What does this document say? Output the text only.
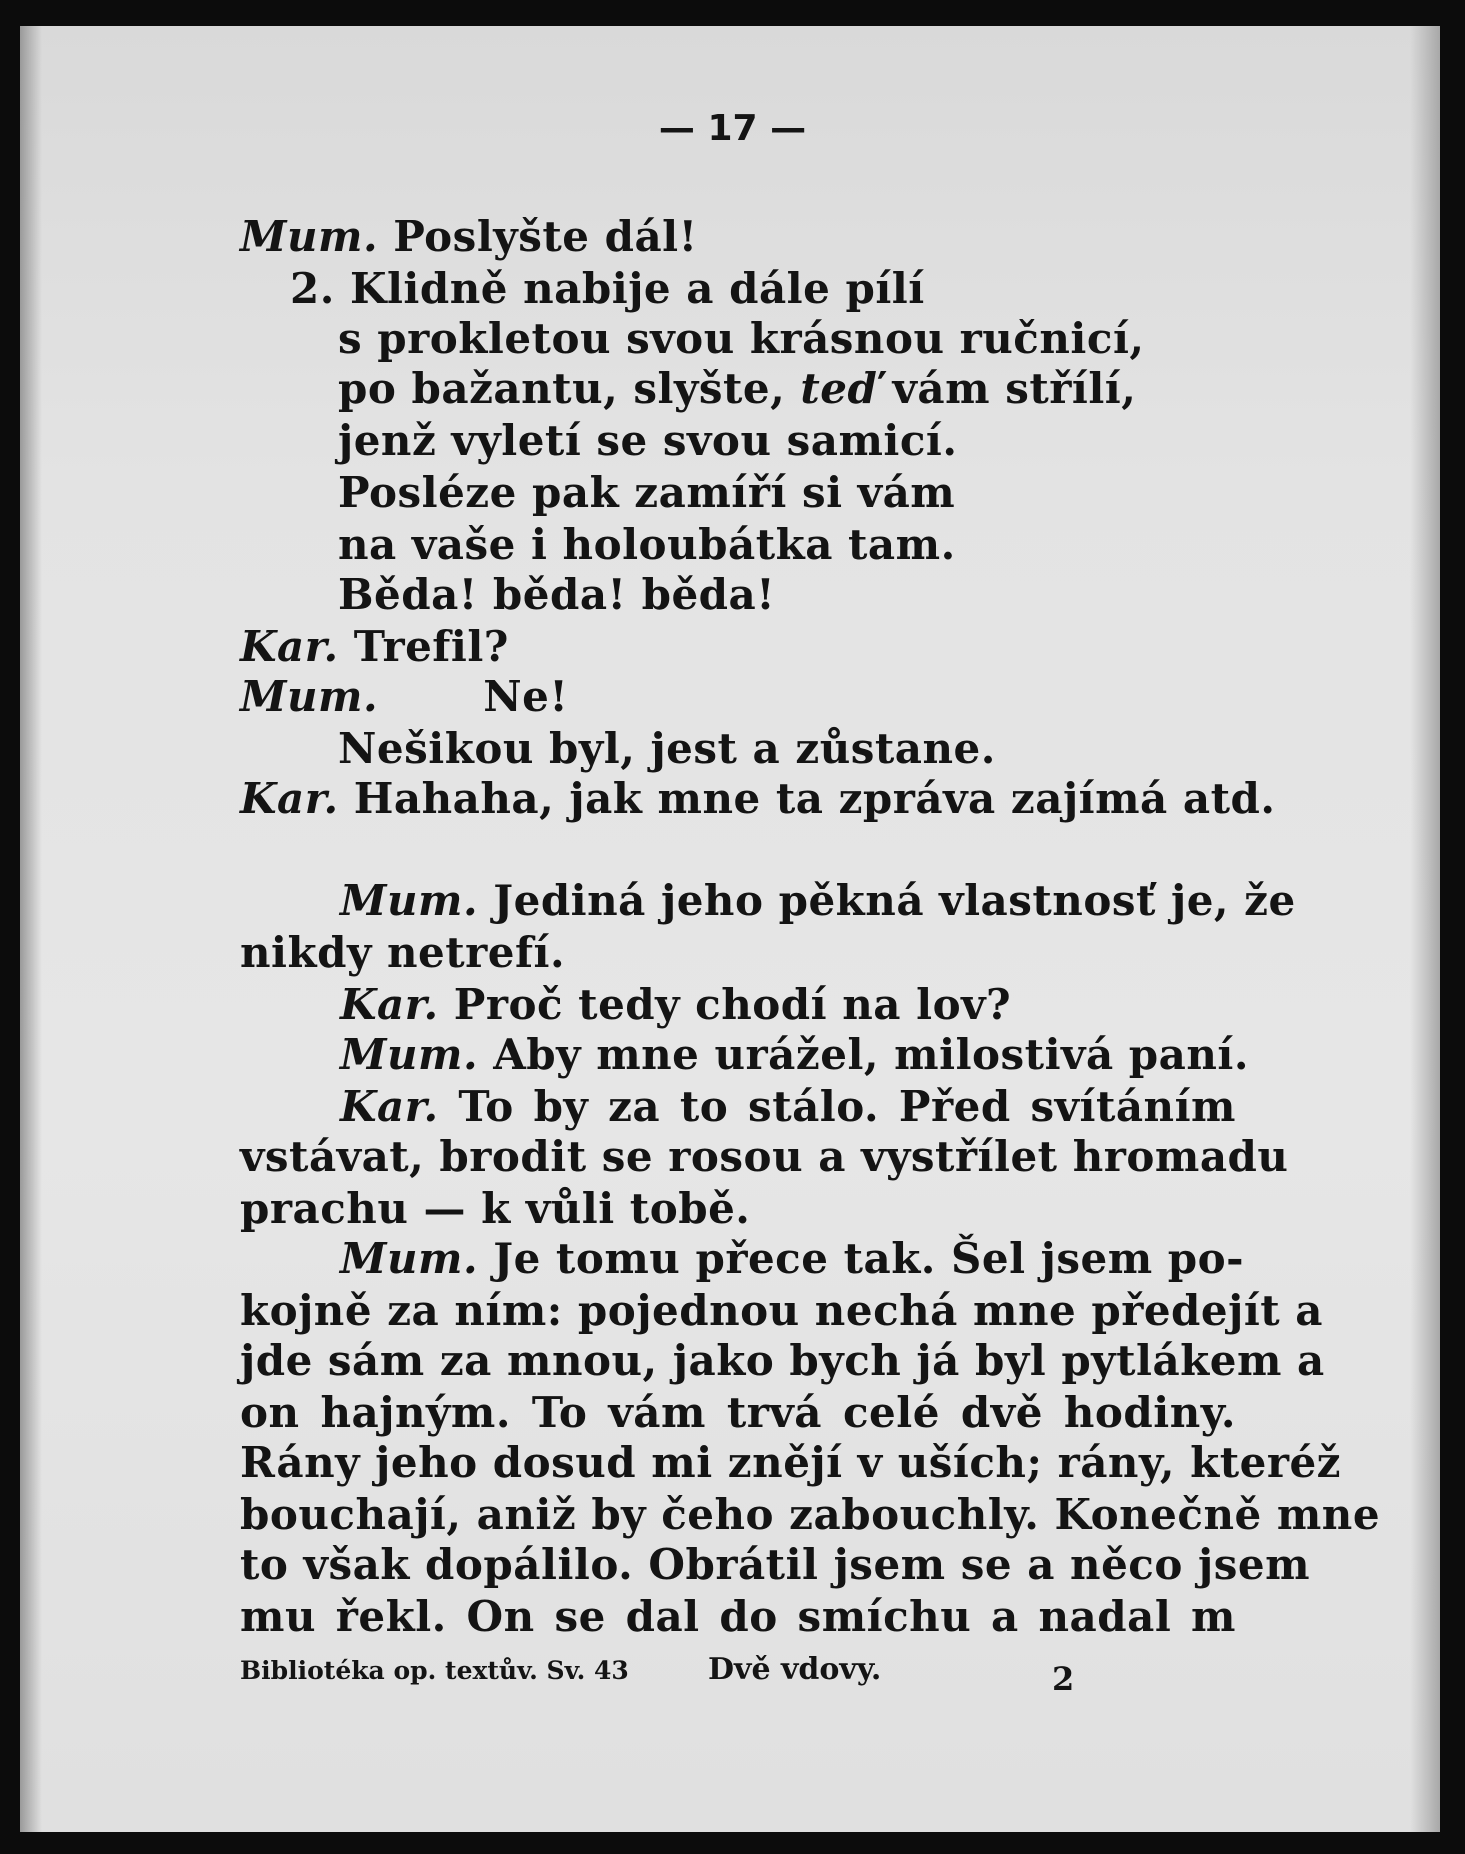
— 17 —
Mum. Poslyšte dál!
2. Klidně nabije a dále pílí
s prokletou svou krásnou ručnicí,
po bažantu, slyšte, teď vám střílí,
jenž vyletí se svou samicí.
Posléze pak zamíří si vám
na vaše i holoubátka tam.
Běda! běda! běda!
Kar. Trefil?
Mum.	Ne!
Nešikou byl, jest a zůstane.
Kar. Hahaha, jak mne ta zpráva zajímá atd.
Mum. Jediná jeho pěkná vlastnosť je, že
nikdy netrefí.
Kar. Proč tedy chodí na lov?
Mum. Aby mne urážel, milostivá paní.
Kar. To by za to stálo. Před svítáním
vstávat, brodit se rosou a vystřílet hromadu
prachu — k vůli tobě.
Mum. Je tomu přece tak. Šel jsem po-
kojně za ním: pojednou nechá mne předejít a
jde sám za mnou, jako bych já byl pytlákem a
on hajným. To vám trvá celé dvě hodiny.
Rány jeho dosud mi znějí v uších; rány, kteréž
bouchají, aniž by čeho zabouchly. Konečně mne
to však dopálilo. Obrátil jsem se a něco jsem
mu řekl. On se dal do smíchu a nadal m
Bibliotéka op. textův. Sv. 43	Dvě vdovy.	2
